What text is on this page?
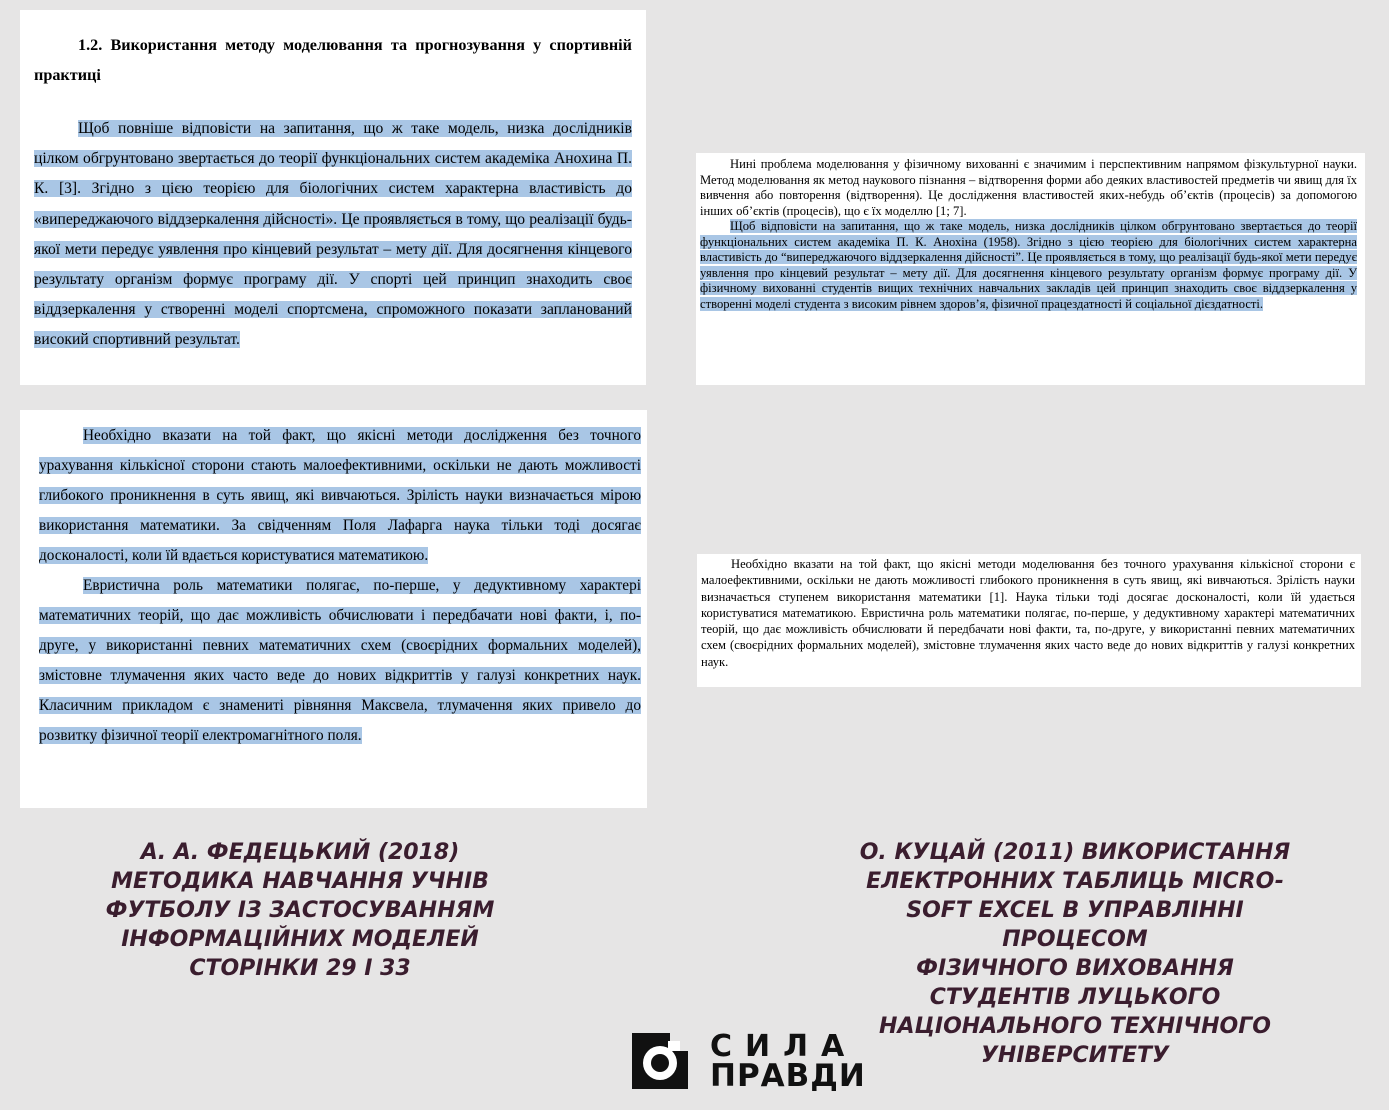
1.2. Використання методу моделювання та прогнозування у спортивній практиці

Щоб повніше відповісти на запитання, що ж таке модель, низка дослідників цілком обгрунтовано звертається до теорії функціональних систем академіка Анохина П. К. [3]. Згідно з цією теорією для біологічних систем характерна властивість до «випереджаючого віддзеркалення дійсності». Це проявляється в тому, що реалізації будь-якої мети передує уявлення про кінцевий результат – мету дії. Для досягнення кінцевого результату організм формує програму дії. У спорті цей принцип знаходить своє віддзеркалення у створенні моделі спортсмена, спроможного показати запланований високий спортивний результат.

Необхідно вказати на той факт, що якісні методи дослідження без точного урахування кількісної сторони стають малоефективними, оскільки не дають можливості глибокого проникнення в суть явищ, які вивчаються. Зрілість науки визначається мірою використання математики. За свідченням Поля Лафарга наука тільки тоді досягає досконалості, коли їй вдається користуватися математикою.

Евристична роль математики полягає, по-перше, у дедуктивному характері математичних теорій, що дає можливість обчислювати і передбачати нові факти, і, по-друге, у використанні певних математичних схем (своєрідних формальних моделей), змістовне тлумачення яких часто веде до нових відкриттів у галузі конкретних наук. Класичним прикладом є знамениті рівняння Максвела, тлумачення яких привело до розвитку фізичної теорії електромагнітного поля.

Нині проблема моделювання у фізичному вихованні є значимим і перспективним напрямом фізкультурної науки. Метод моделювання як метод наукового пізнання – відтворення форми або деяких властивостей предметів чи явищ для їх вивчення або повторення (відтворення). Це дослідження властивостей яких-небудь об’єктів (процесів) за допомогою інших об’єктів (процесів), що є їх моделлю [1; 7].

Щоб відповісти на запитання, що ж таке модель, низка дослідників цілком обгрунтовано звертається до теорії функціональних систем академіка П. К. Анохіна (1958). Згідно з цією теорією для біологічних систем характерна властивість до “випереджаючого віддзеркалення дійсності”. Це проявляється в тому, що реалізації будь-якої мети передує уявлення про кінцевий результат – мету дії. Для досягнення кінцевого результату організм формує програму дії. У фізичному вихованні студентів вищих технічних навчальних закладів цей принцип знаходить своє віддзеркалення у створенні моделі студента з високим рівнем здоров’я, фізичної працездатності й соціальної дієздатності.

Необхідно вказати на той факт, що якісні методи моделювання без точного урахування кількісної сторони є малоефективними, оскільки не дають можливості глибокого проникнення в суть явищ, які вивчаються. Зрілість науки визначається ступенем використання математики [1]. Наука тільки тоді досягає досконалості, коли їй удається користуватися математикою. Евристична роль математики полягає, по-перше, у дедуктивному характері математичних теорій, що дає можливість обчислювати й передбачати нові факти, та, по-друге, у використанні певних математичних схем (своєрідних формальних моделей), змістовне тлумачення яких часто веде до нових відкриттів у галузі конкретних наук.

А. А. ФЕДЕЦЬКИЙ (2018)
МЕТОДИКА НАВЧАННЯ УЧНІВ
ФУТБОЛУ ІЗ ЗАСТОСУВАННЯМ
ІНФОРМАЦІЙНИХ МОДЕЛЕЙ
СТОРІНКИ 29 І 33
О. КУЦАЙ (2011) ВИКОРИСТАННЯ
ЕЛЕКТРОННИХ ТАБЛИЦЬ MICRO-
SOFT EXCEL В УПРАВЛІННІ
ПРОЦЕСОМ
ФІЗИЧНОГО ВИХОВАННЯ
СТУДЕНТІВ ЛУЦЬКОГО
НАЦІОНАЛЬНОГО ТЕХНІЧНОГО
УНІВЕРСИТЕТУ
СИЛА
ПРАВДИ
